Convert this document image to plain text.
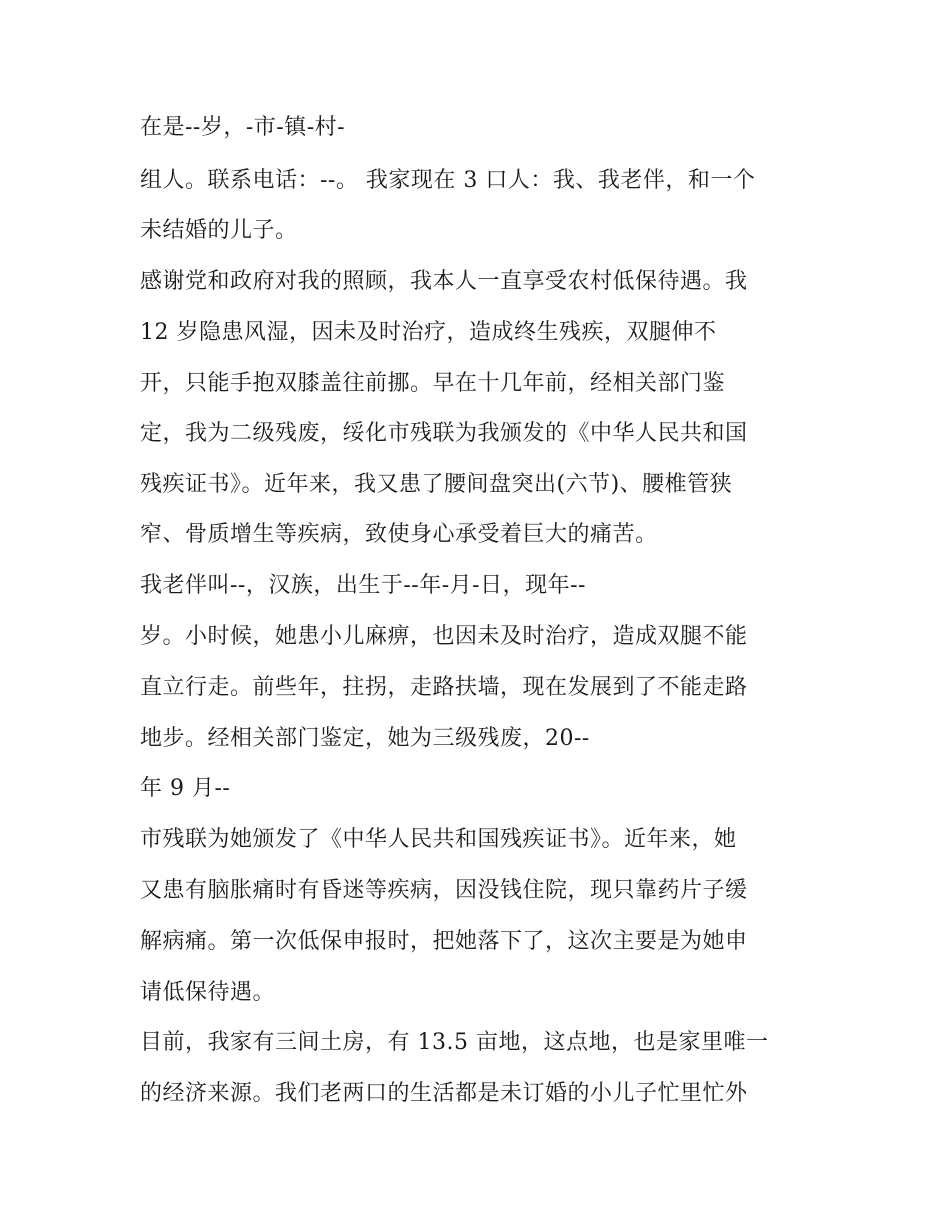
在是--岁，-市-镇-村-

组人。联系电话：--。 我家现在 3 口人：我、我老伴，和一个

未结婚的儿子。

感谢党和政府对我的照顾，我本人一直享受农村低保待遇。我

12 岁隐患风湿，因未及时治疗，造成终生残疾，双腿伸不

开，只能手抱双膝盖往前挪。早在十几年前，经相关部门鉴

定，我为二级残废，绥化市残联为我颁发的《中华人民共和国

残疾证书》。近年来，我又患了腰间盘突出(六节)、腰椎管狭

窄、骨质增生等疾病，致使身心承受着巨大的痛苦。

我老伴叫--，汉族，出生于--年-月-日，现年--

岁。小时候，她患小儿麻痹，也因未及时治疗，造成双腿不能

直立行走。前些年，拄拐，走路扶墙，现在发展到了不能走路

地步。经相关部门鉴定，她为三级残废，20--

年 9 月--

市残联为她颁发了《中华人民共和国残疾证书》。近年来，她

又患有脑胀痛时有昏迷等疾病，因没钱住院，现只靠药片子缓

解病痛。第一次低保申报时，把她落下了，这次主要是为她申

请低保待遇。

目前，我家有三间土房，有 13.5 亩地，这点地，也是家里唯一

的经济来源。我们老两口的生活都是未订婚的小儿子忙里忙外
